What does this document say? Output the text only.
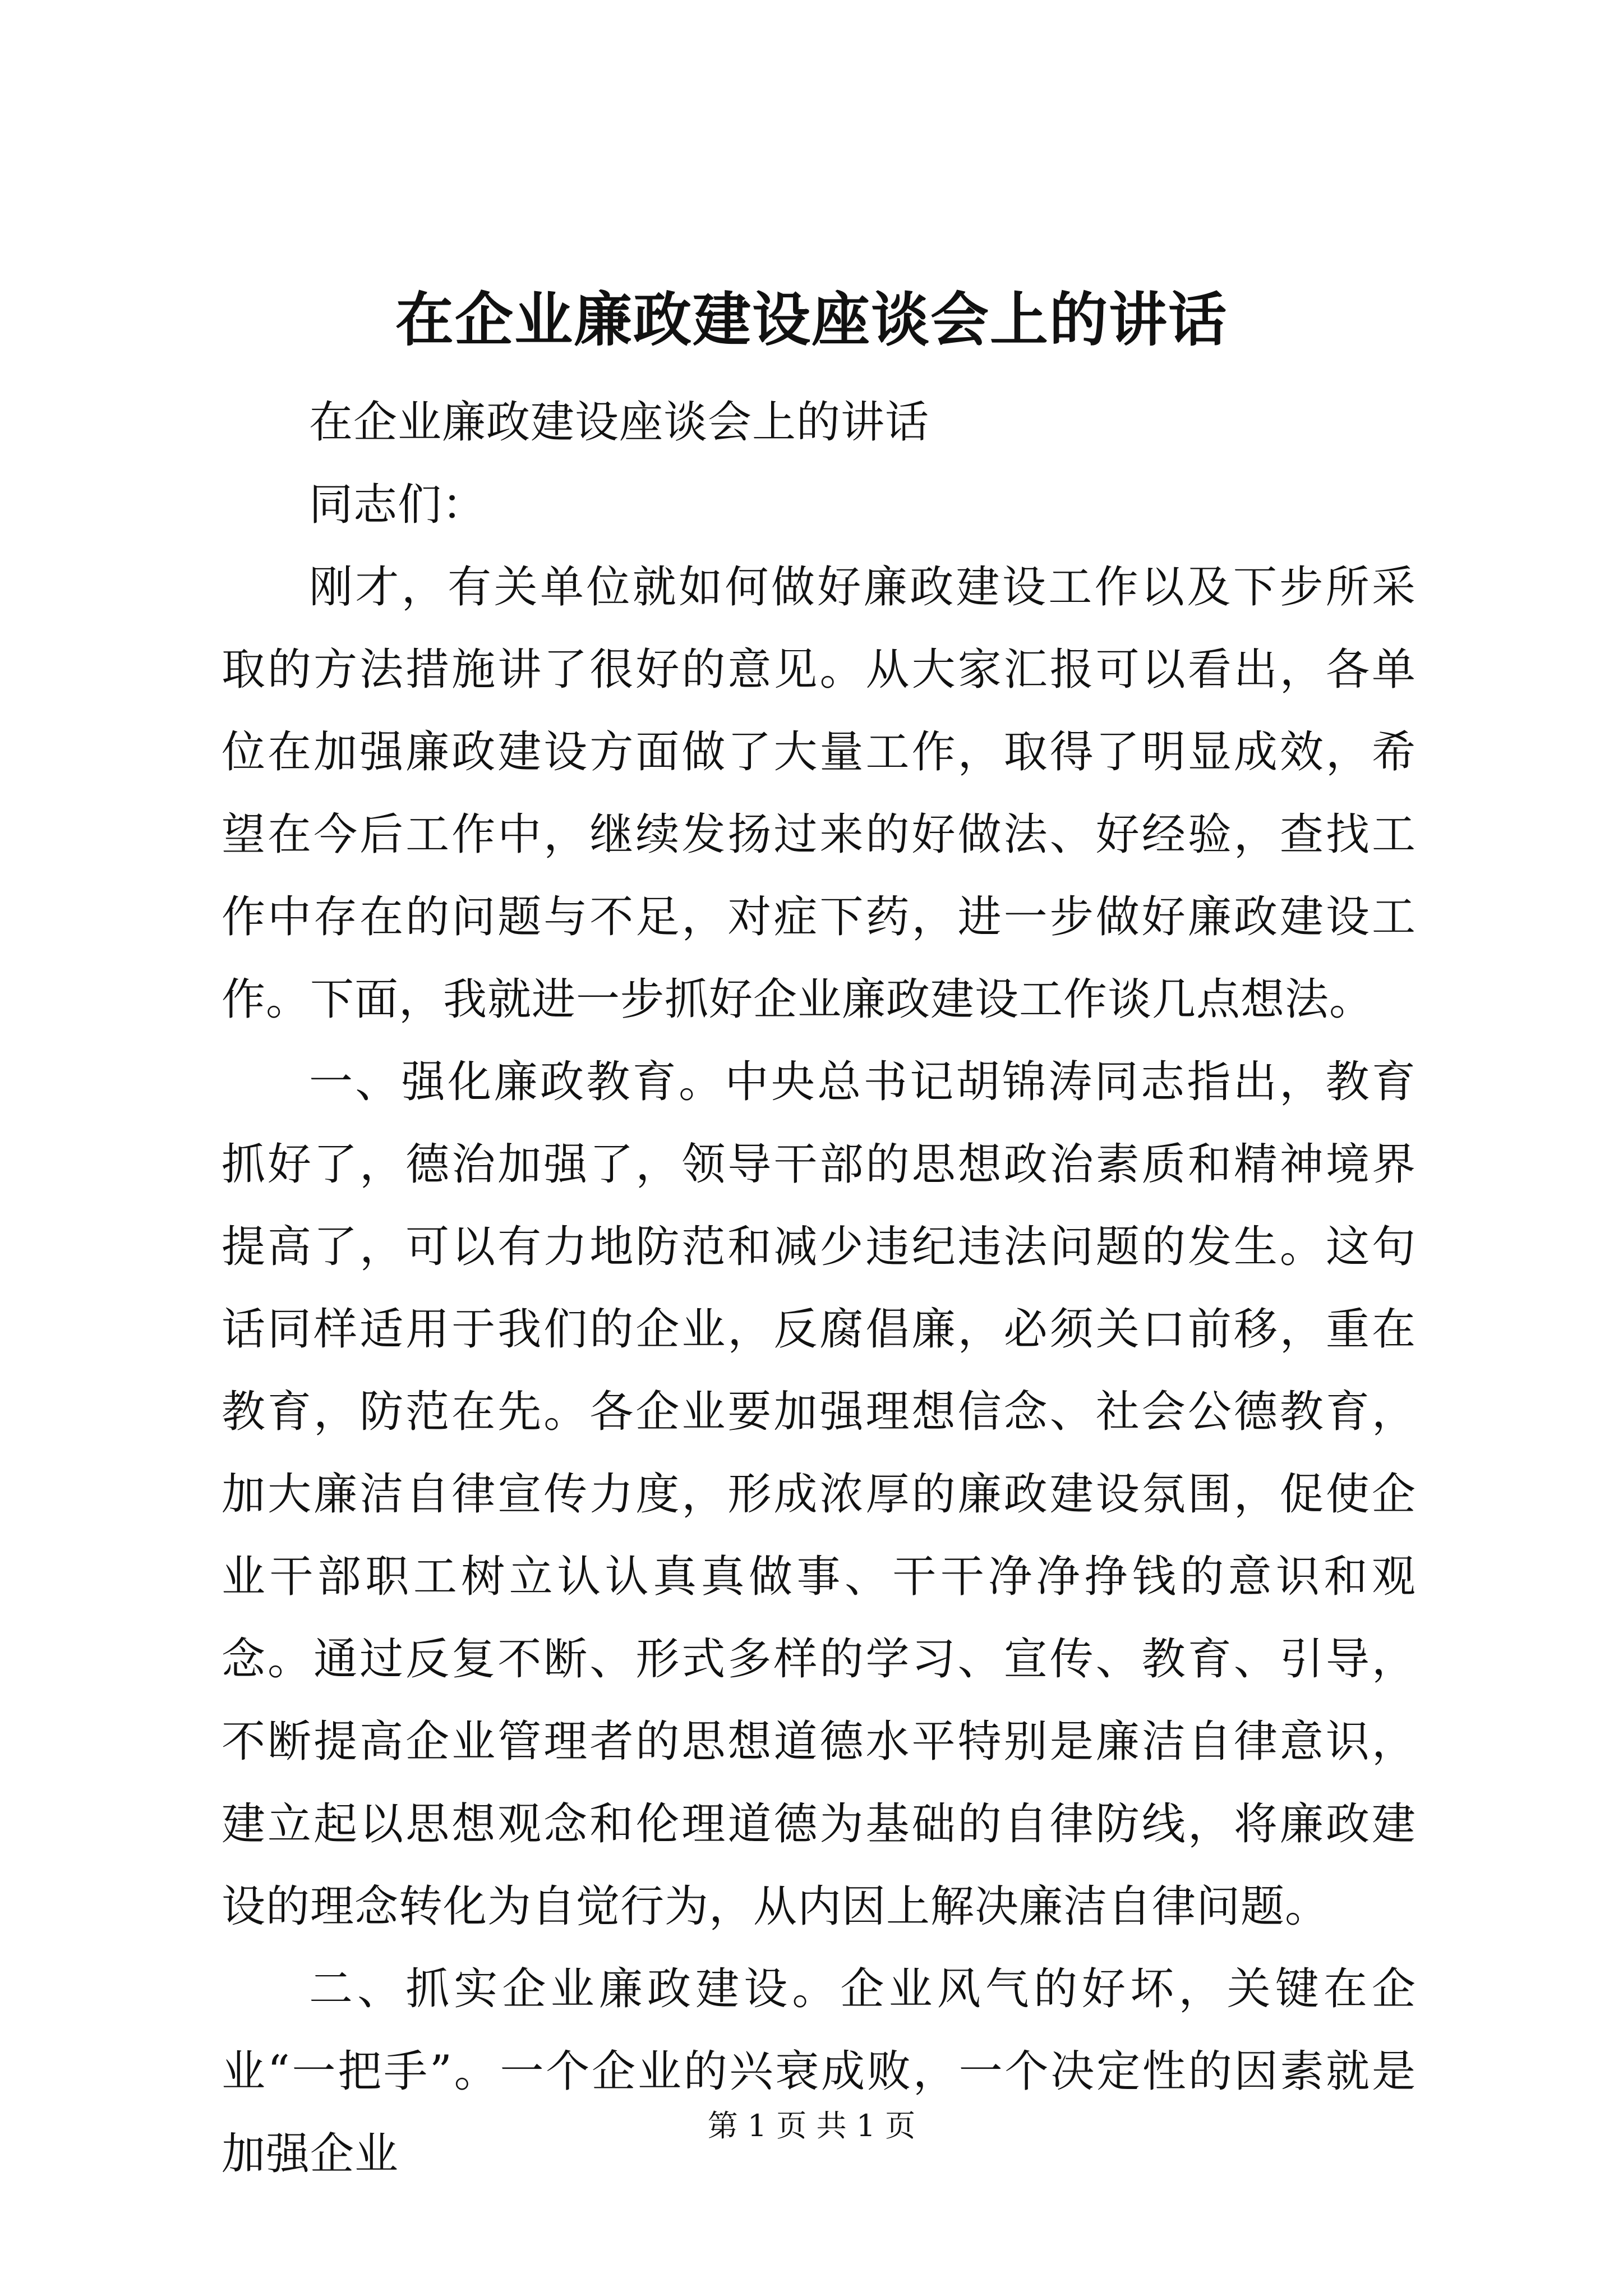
在企业廉政建设座谈会上的讲话

在企业廉政建设座谈会上的讲话

同志们：

刚才，有关单位就如何做好廉政建设工作以及下步所采取的方法措施讲了很好的意见。从大家汇报可以看出，各单位在加强廉政建设方面做了大量工作，取得了明显成效，希望在今后工作中，继续发扬过来的好做法、好经验，查找工作中存在的问题与不足，对症下药，进一步做好廉政建设工作。下面，我就进一步抓好企业廉政建设工作谈几点想法。

一、强化廉政教育。中央总书记胡锦涛同志指出，教育抓好了，德治加强了，领导干部的思想政治素质和精神境界提高了，可以有力地防范和减少违纪违法问题的发生。这句话同样适用于我们的企业，反腐倡廉，必须关口前移，重在教育，防范在先。各企业要加强理想信念、社会公德教育，加大廉洁自律宣传力度，形成浓厚的廉政建设氛围，促使企业干部职工树立认认真真做事、干干净净挣钱的意识和观念。通过反复不断、形式多样的学习、宣传、教育、引导，不断提高企业管理者的思想道德水平特别是廉洁自律意识，建立起以思想观念和伦理道德为基础的自律防线，将廉政建设的理念转化为自觉行为，从内因上解决廉洁自律问题。

二、抓实企业廉政建设。企业风气的好坏，关键在企业“一把手”。一个企业的兴衰成败，一个决定性的因素就是加强企业

第 1 页 共 1 页
